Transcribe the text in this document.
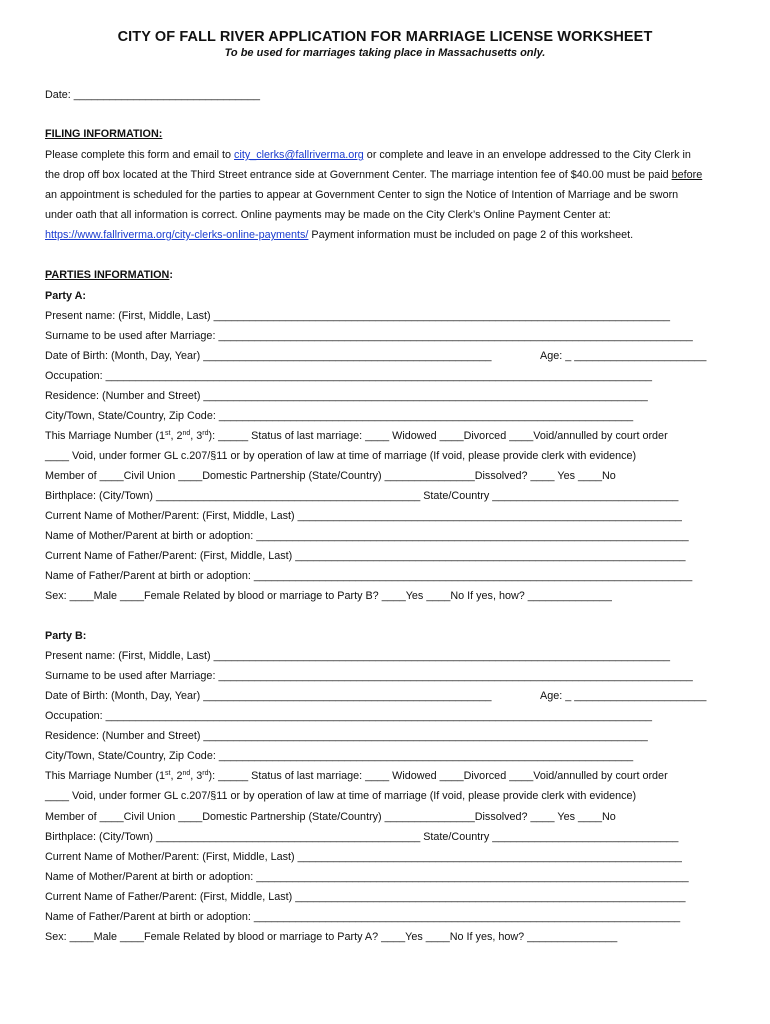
CITY OF FALL RIVER APPLICATION FOR MARRIAGE LICENSE WORKSHEET
To be used for marriages taking place in Massachusetts only.
Date: _______________________________
FILING INFORMATION:
Please complete this form and email to city_clerks@fallriverma.org or complete and leave in an envelope addressed to the City Clerk in
the drop off box located at the Third Street entrance side at Government Center. The marriage intention fee of $40.00 must be paid before
an appointment is scheduled for the parties to appear at Government Center to sign the Notice of Intention of Marriage and be sworn
under oath that all information is correct. Online payments may be made on the City Clerk’s Online Payment Center at:
https://www.fallriverma.org/city-clerks-online-payments/ Payment information must be included on page 2 of this worksheet.
PARTIES INFORMATION:
Party A:
Present name: (First, Middle, Last) ____________________________________________________________________________
Surname to be used after Marriage: _______________________________________________________________________________
Date of Birth: (Month, Day, Year) ________________________________________________	Age: _ ______________________
Occupation: ___________________________________________________________________________________________
Residence: (Number and Street) __________________________________________________________________________
City/Town, State/Country, Zip Code: _____________________________________________________________________
This Marriage Number (1st, 2nd, 3rd): _____ Status of last marriage: ____ Widowed ____Divorced ____Void/annulled by court order
____ Void, under former GL c.207/§11 or by operation of law at time of marriage (If void, please provide clerk with evidence)
Member of ____Civil Union ____Domestic Partnership (State/Country) _______________Dissolved? ____ Yes ____No
Birthplace: (City/Town) ____________________________________________ State/Country _______________________________
Current Name of Mother/Parent: (First, Middle, Last) ________________________________________________________________
Name of Mother/Parent at birth or adoption: ________________________________________________________________________
Current Name of Father/Parent: (First, Middle, Last) _________________________________________________________________
Name of Father/Parent at birth or adoption: _________________________________________________________________________
Sex: ____Male ____Female Related by blood or marriage to Party B? ____Yes ____No If yes, how? ______________
Party B:
Present name: (First, Middle, Last) ____________________________________________________________________________
Surname to be used after Marriage: _______________________________________________________________________________
Date of Birth: (Month, Day, Year) ________________________________________________	Age: _ ______________________
Occupation: ___________________________________________________________________________________________
Residence: (Number and Street) __________________________________________________________________________
City/Town, State/Country, Zip Code: _____________________________________________________________________
This Marriage Number (1st, 2nd, 3rd): _____ Status of last marriage: ____ Widowed ____Divorced ____Void/annulled by court order
____ Void, under former GL c.207/§11 or by operation of law at time of marriage (If void, please provide clerk with evidence)
Member of ____Civil Union ____Domestic Partnership (State/Country) _______________Dissolved? ____ Yes ____No
Birthplace: (City/Town) ____________________________________________ State/Country _______________________________
Current Name of Mother/Parent: (First, Middle, Last) ________________________________________________________________
Name of Mother/Parent at birth or adoption: ________________________________________________________________________
Current Name of Father/Parent: (First, Middle, Last) _________________________________________________________________
Name of Father/Parent at birth or adoption: _______________________________________________________________________
Sex: ____Male ____Female Related by blood or marriage to Party A? ____Yes ____No If yes, how? _______________
